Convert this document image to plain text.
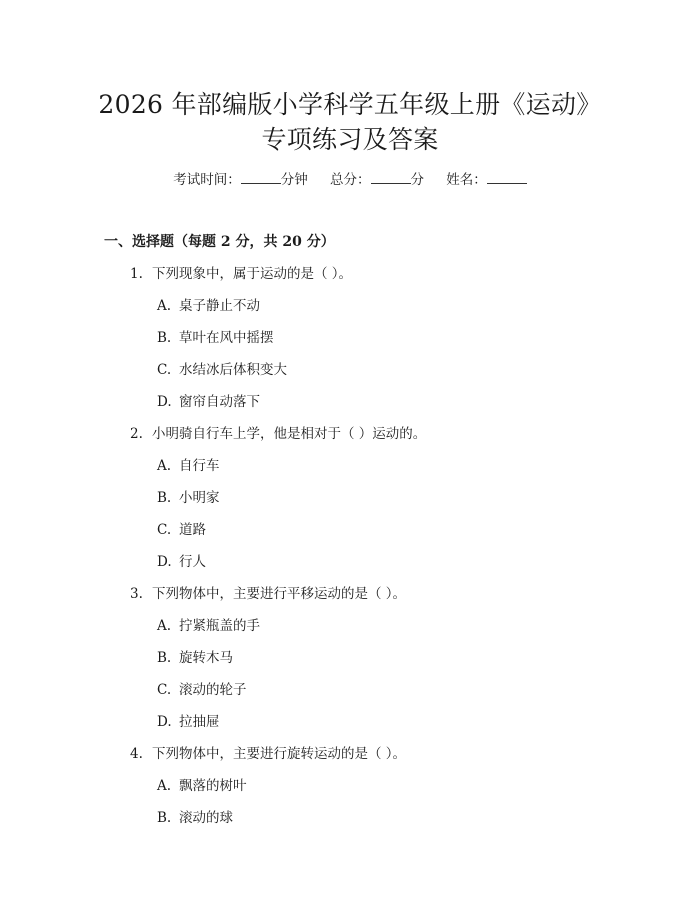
2026 年部编版小学科学五年级上册《运动》
专项练习及答案
考试时间：	分钟 总分：	分 姓名：
一、选择题（每题 2 分，共 20 分）
1. 下列现象中，属于运动的是（ ）。
A. 桌子静止不动
B. 草叶在风中摇摆
C. 水结冰后体积变大
D. 窗帘自动落下
2. 小明骑自行车上学，他是相对于（ ）运动的。
A. 自行车
B. 小明家
C. 道路
D. 行人
3. 下列物体中，主要进行平移运动的是（ ）。
A. 拧紧瓶盖的手
B. 旋转木马
C. 滚动的轮子
D. 拉抽屉
4. 下列物体中，主要进行旋转运动的是（ ）。
A. 飘落的树叶
B. 滚动的球
